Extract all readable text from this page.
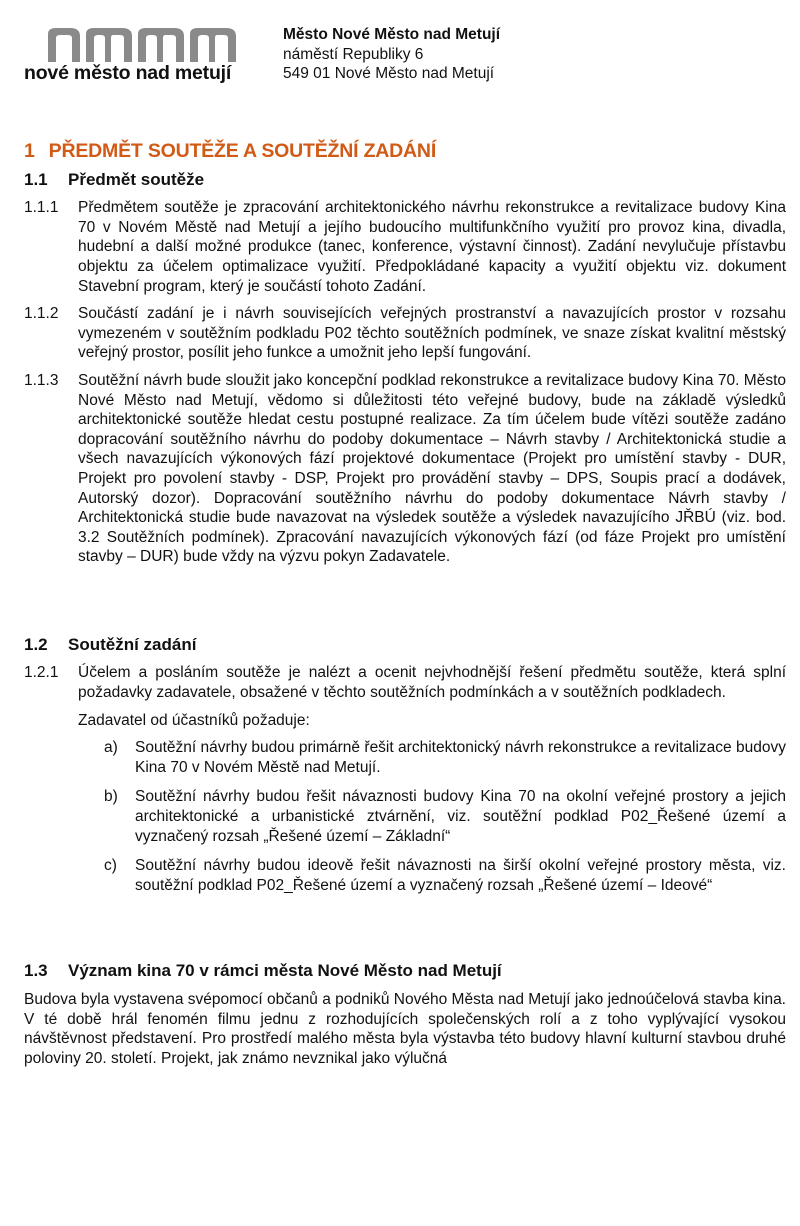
nové město nad metují
Město Nové Město nad Metují
náměstí Republiky 6
549 01 Nové Město nad Metují
1 PŘEDMĚT SOUTĚŽE A SOUTĚŽNÍ ZADÁNÍ
1.1	Předmět soutěže
1.1.1	Předmětem soutěže je zpracování architektonického návrhu rekonstrukce a revitalizace budovy Kina 70 v Novém Městě nad Metují a jejího budoucího multifunkčního využití pro provoz kina, divadla, hudební a další možné produkce (tanec, konference, výstavní činnost). Zadání nevylučuje přístavbu objektu za účelem optimalizace využití. Předpokládané kapacity a využití objektu viz. dokument Stavební program, který je součástí tohoto Zadání.
1.1.2	Součástí zadání je i návrh souvisejících veřejných prostranství a navazujících prostor v rozsahu vymezeném v soutěžním podkladu P02 těchto soutěžních podmínek, ve snaze získat kvalitní městský veřejný prostor, posílit jeho funkce a umožnit jeho lepší fungování.
1.1.3	Soutěžní návrh bude sloužit jako koncepční podklad rekonstrukce a revitalizace budovy Kina 70. Město Nové Město nad Metují, vědomo si důležitosti této veřejné budovy, bude na základě výsledků architektonické soutěže hledat cestu postupné realizace. Za tím účelem bude vítězi soutěže zadáno dopracování soutěžního návrhu do podoby dokumentace – Návrh stavby / Architektonická studie a všech navazujících výkonových fází projektové dokumentace (Projekt pro umístění stavby - DUR, Projekt pro povolení stavby - DSP, Projekt pro provádění stavby – DPS, Soupis prací a dodávek, Autorský dozor). Dopracování soutěžního návrhu do podoby dokumentace Návrh stavby / Architektonická studie bude navazovat na výsledek soutěže a výsledek navazujícího JŘBÚ (viz. bod. 3.2 Soutěžních podmínek). Zpracování navazujících výkonových fází (od fáze Projekt pro umístění stavby – DUR) bude vždy na výzvu pokyn Zadavatele.
1.2	Soutěžní zadání
1.2.1	Účelem a posláním soutěže je nalézt a ocenit nejvhodnější řešení předmětu soutěže, která splní požadavky zadavatele, obsažené v těchto soutěžních podmínkách a v soutěžních podkladech.
Zadavatel od účastníků požaduje:
a)	Soutěžní návrhy budou primárně řešit architektonický návrh rekonstrukce a revitalizace budovy Kina 70 v Novém Městě nad Metují.
b)	Soutěžní návrhy budou řešit návaznosti budovy Kina 70 na okolní veřejné prostory a jejich architektonické a urbanistické ztvárnění, viz. soutěžní podklad P02_Řešené území a vyznačený rozsah „Řešené území – Základní“
c)	Soutěžní návrhy budou ideově řešit návaznosti na širší okolní veřejné prostory města, viz. soutěžní podklad P02_Řešené území a vyznačený rozsah „Řešené území – Ideové“
1.3	Význam kina 70 v rámci města Nové Město nad Metují
Budova byla vystavena svépomocí občanů a podniků Nového Města nad Metují jako jednoúčelová stavba kina. V té době hrál fenomén filmu jednu z rozhodujících společenských rolí a z toho vyplývající vysokou návštěvnost představení. Pro prostředí malého města byla výstavba této budovy hlavní kulturní stavbou druhé poloviny 20. století. Projekt, jak známo nevznikal jako výlučná
